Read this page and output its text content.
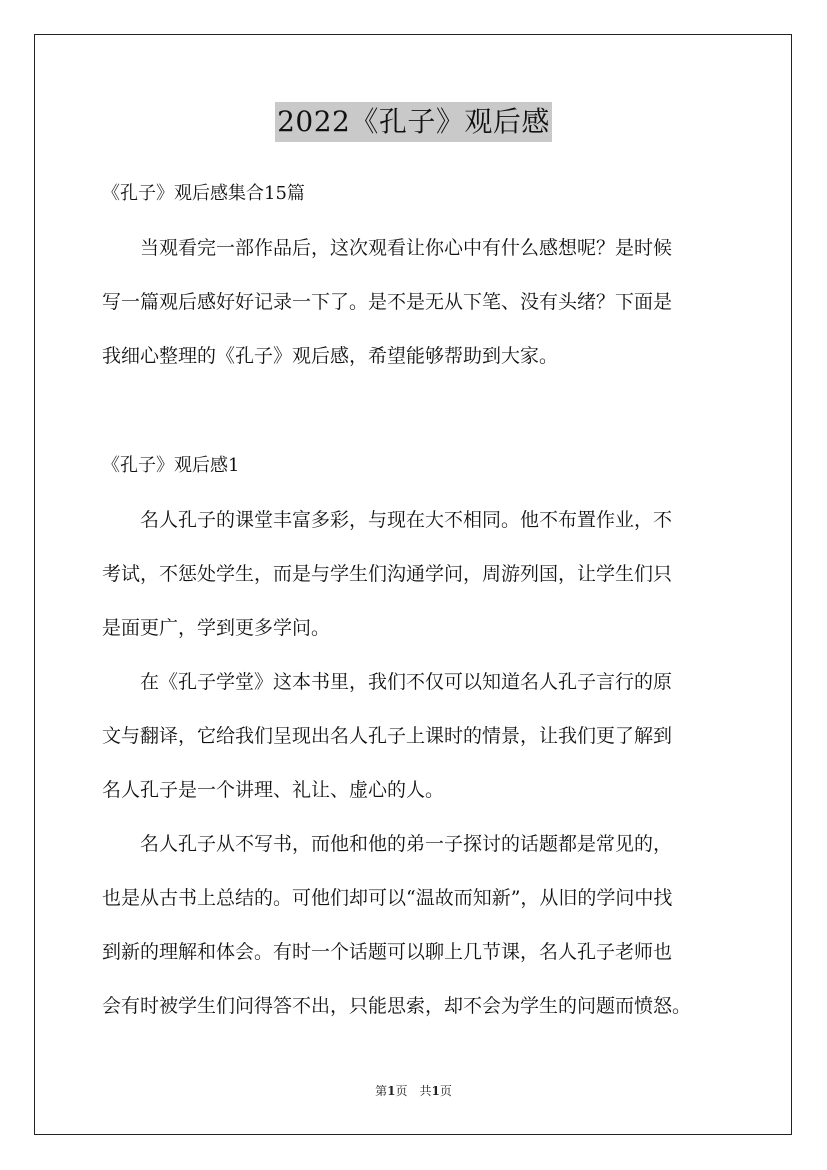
2022《孔子》观后感
《孔子》观后感集合15篇
　　当观看完一部作品后，这次观看让你心中有什么感想呢？是时候
写一篇观后感好好记录一下了。是不是无从下笔、没有头绪？下面是
我细心整理的《孔子》观后感，希望能够帮助到大家。
《孔子》观后感1
　　名人孔子的课堂丰富多彩，与现在大不相同。他不布置作业，不
考试，不惩处学生，而是与学生们沟通学问，周游列国，让学生们只
是面更广，学到更多学问。
　　在《孔子学堂》这本书里，我们不仅可以知道名人孔子言行的原
文与翻译，它给我们呈现出名人孔子上课时的情景，让我们更了解到
名人孔子是一个讲理、礼让、虚心的人。
　　名人孔子从不写书，而他和他的弟一子探讨的话题都是常见的，
也是从古书上总结的。可他们却可以“温故而知新”，从旧的学问中找
到新的理解和体会。有时一个话题可以聊上几节课，名人孔子老师也
会有时被学生们问得答不出，只能思索，却不会为学生的问题而愤怒。
第1页　共1页
